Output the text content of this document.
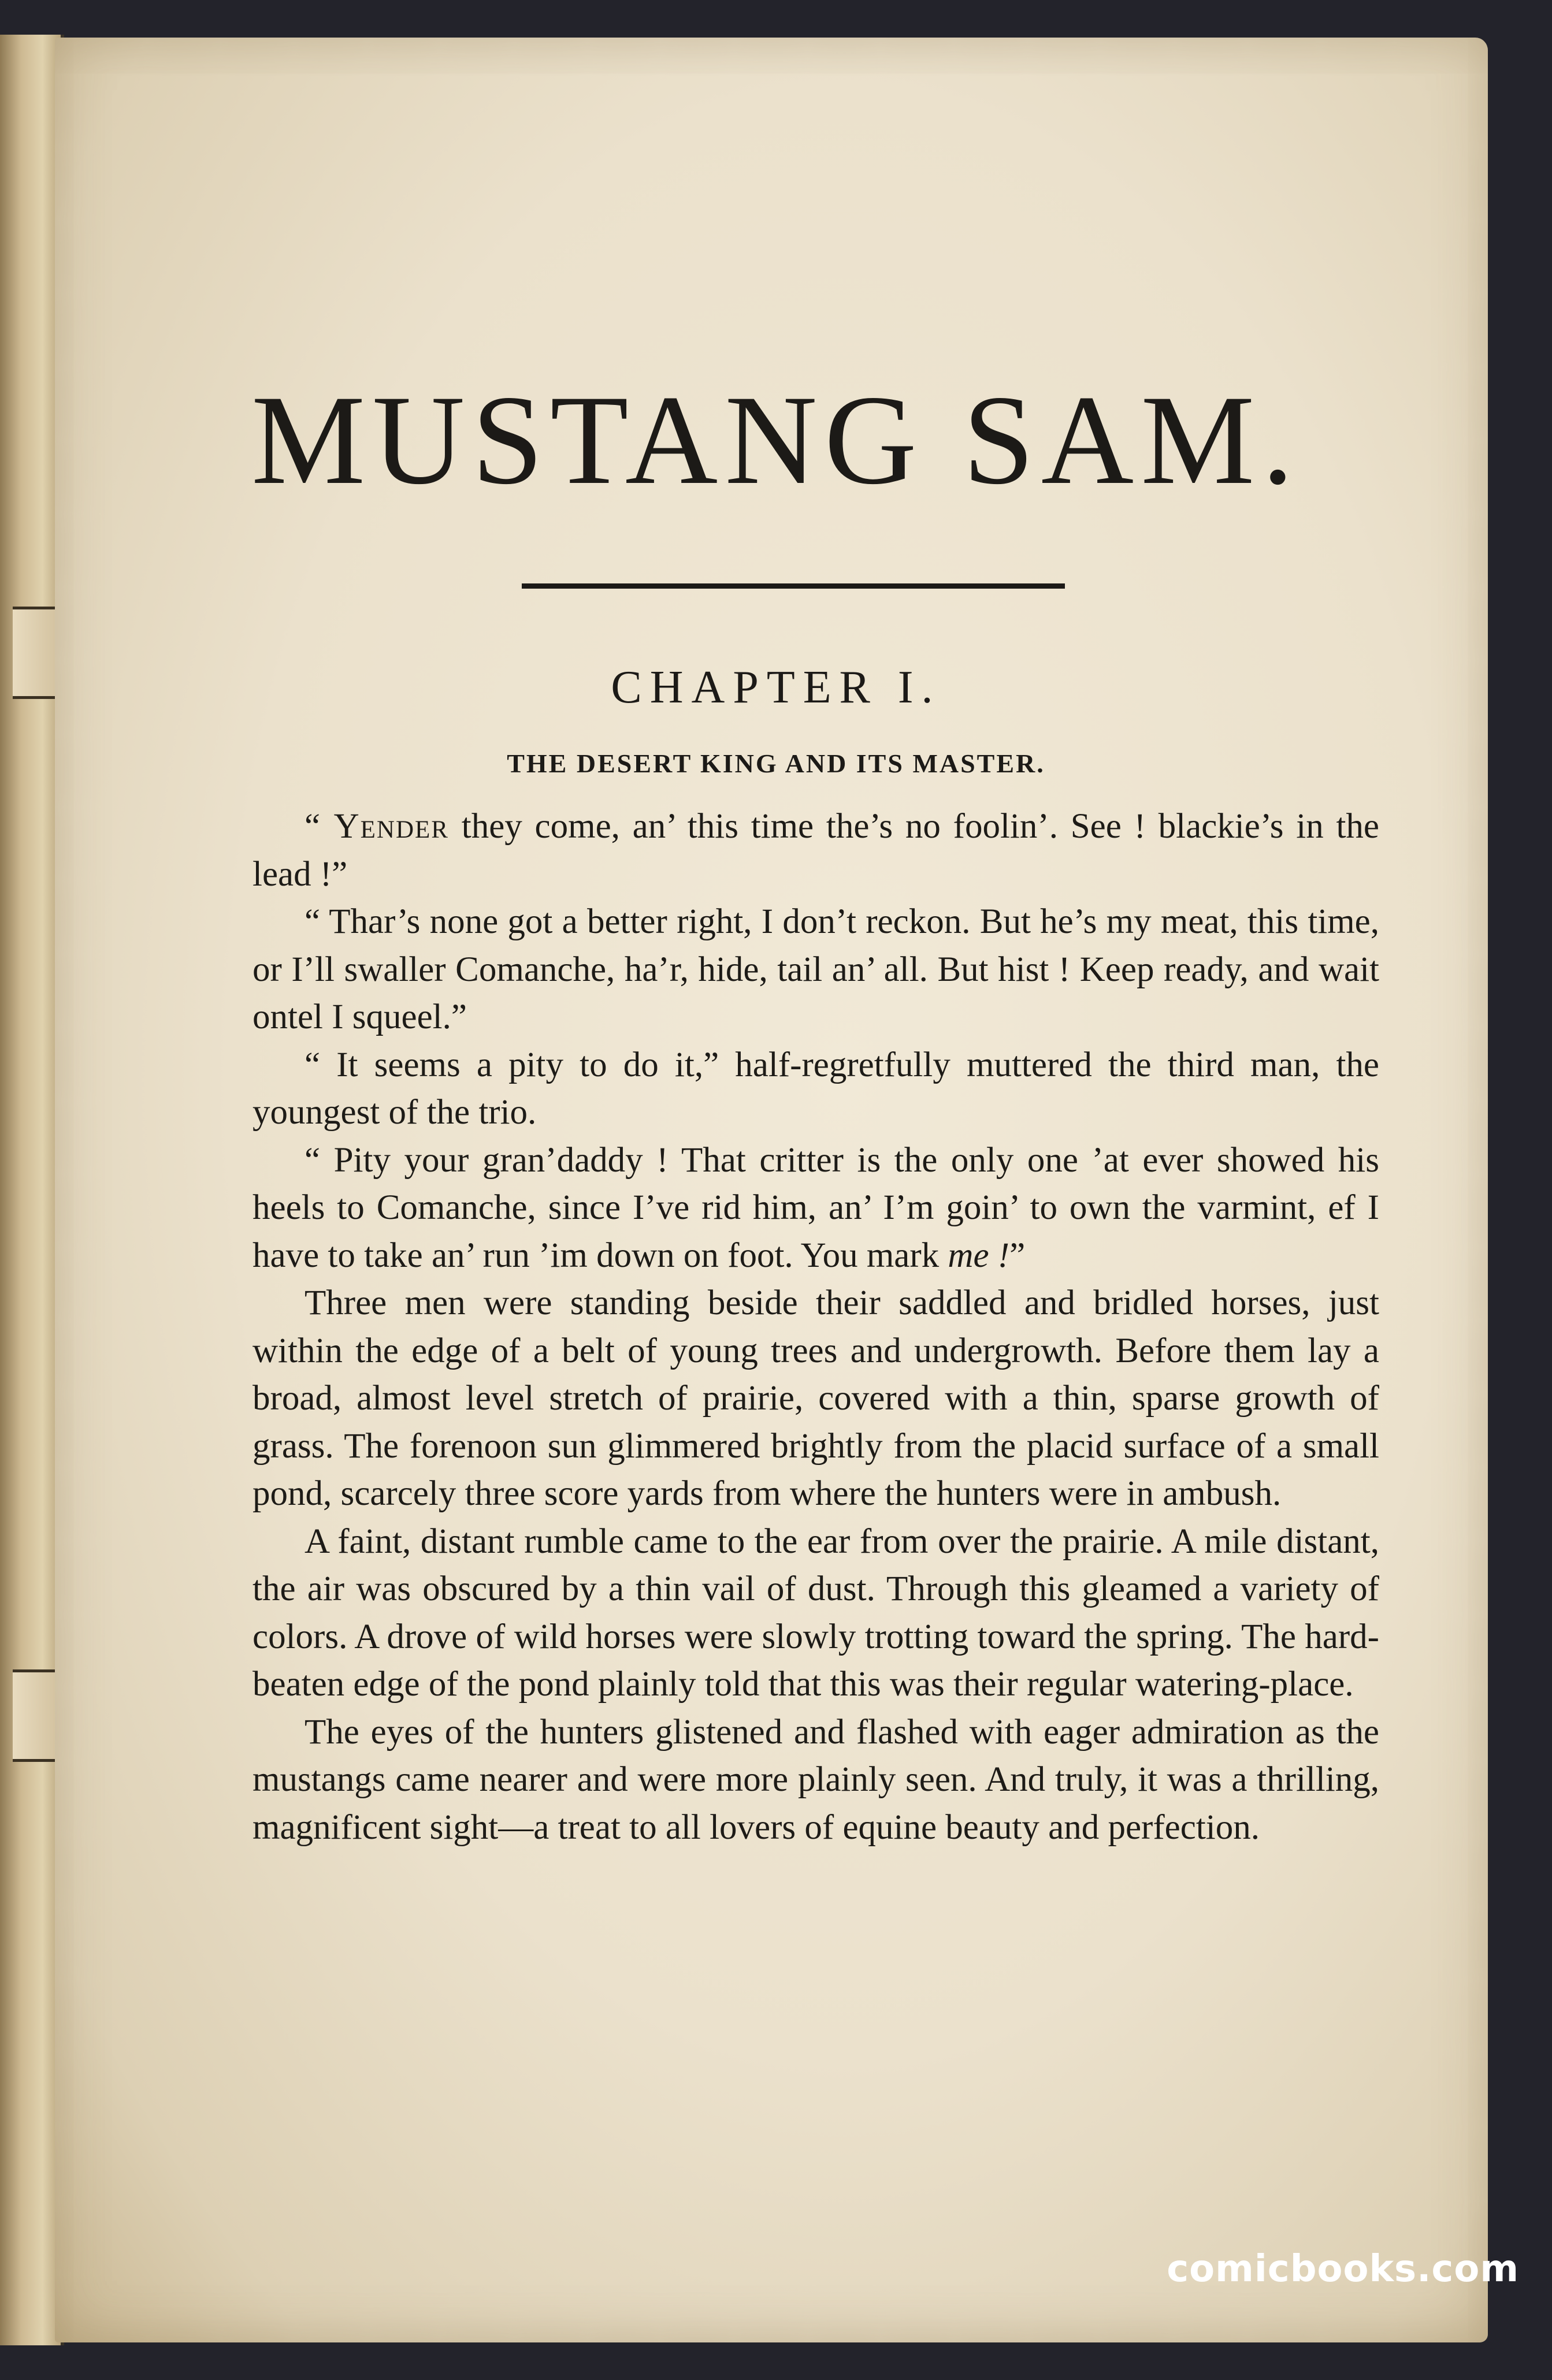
MUSTANG SAM.
CHAPTER I.
THE DESERT KING AND ITS MASTER.

“ Yender they come, an’ this time the’s no foolin’. See ! blackie’s in the lead !”

“ Thar’s none got a better right, I don’t reckon. But he’s my meat, this time, or I’ll swaller Comanche, ha’r, hide, tail an’ all. But hist ! Keep ready, and wait ontel I squeel.”

“ It seems a pity to do it,” half-regretfully muttered the third man, the youngest of the trio.

“ Pity your gran’daddy ! That critter is the only one ’at ever showed his heels to Comanche, since I’ve rid him, an’ I’m goin’ to own the varmint, ef I have to take an’ run ’im down on foot. You mark me !”

Three men were standing beside their saddled and bridled horses, just within the edge of a belt of young trees and undergrowth. Before them lay a broad, almost level stretch of prairie, covered with a thin, sparse growth of grass. The forenoon sun glimmered brightly from the placid surface of a small pond, scarcely three score yards from where the hunters were in ambush.

A faint, distant rumble came to the ear from over the prairie. A mile distant, the air was obscured by a thin vail of dust. Through this gleamed a variety of colors. A drove of wild horses were slowly trotting toward the spring. The hard-beaten edge of the pond plainly told that this was their regular watering-place.

The eyes of the hunters glistened and flashed with eager admiration as the mustangs came nearer and were more plainly seen. And truly, it was a thrilling, magnificent sight—a treat to all lovers of equine beauty and perfection.

comicbooks.com
